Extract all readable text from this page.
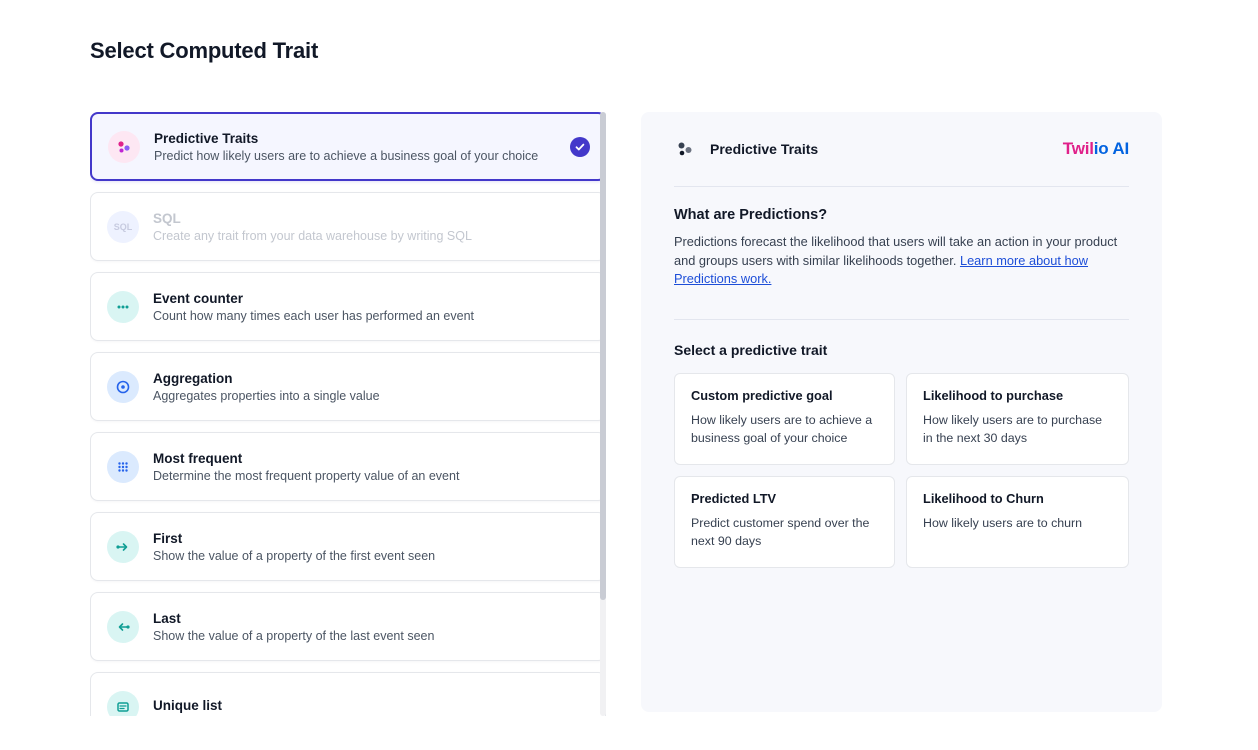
Select Computed Trait
Predictive Traits
Predict how likely users are to achieve a business goal of your choice
SQL
SQL
Create any trait from your data warehouse by writing SQL
Event counter
Count how many times each user has performed an event
Aggregation
Aggregates properties into a single value
Most frequent
Determine the most frequent property value of an event
First
Show the value of a property of the first event seen
Last
Show the value of a property of the last event seen
Unique list
Predictive Traits	Twilio AI
What are Predictions?
Predictions forecast the likelihood that users will take an action in your product and groups users with similar likelihoods together. Learn more about how Predictions work.
Select a predictive trait
Custom predictive goal
How likely users are to achieve a business goal of your choice
Likelihood to purchase
How likely users are to purchase in the next 30 days
Predicted LTV
Predict customer spend over the next 90 days
Likelihood to Churn
How likely users are to churn
